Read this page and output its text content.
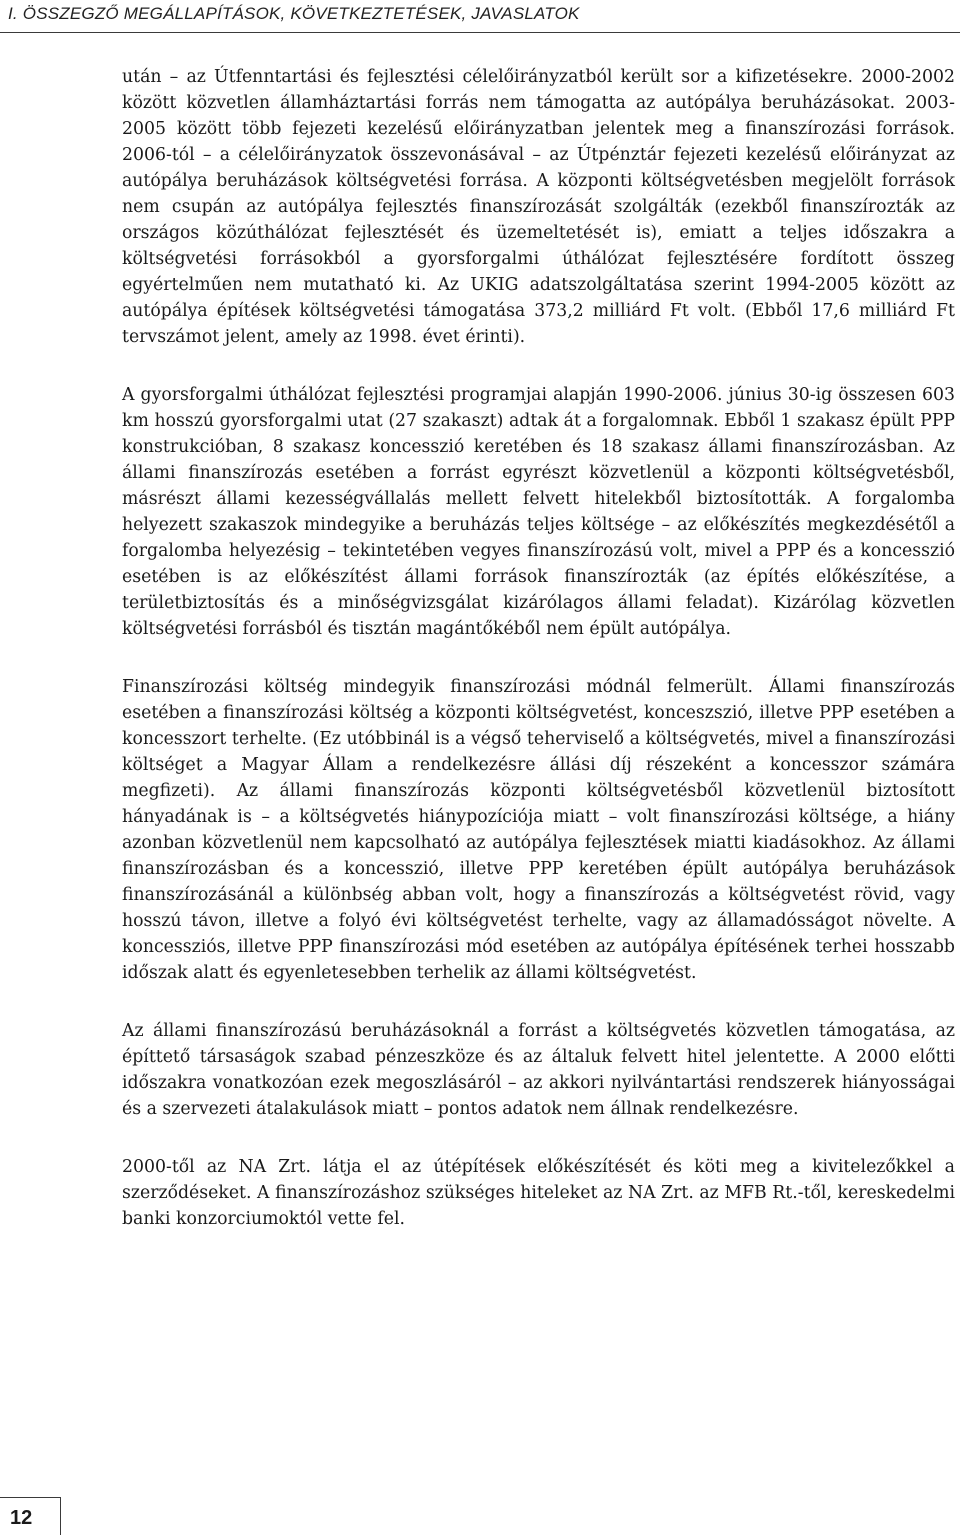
I. ÖSSZEGZŐ MEGÁLLAPÍTÁSOK, KÖVETKEZTETÉSEK, JAVASLATOK

után – az Útfenntartási és fejlesztési célelőirányzatból került sor a kifizetésekre. 2000-2002 között közvetlen államháztartási forrás nem támogatta az autópálya beruházásokat. 2003-2005 között több fejezeti kezelésű előirányzatban jelentek meg a finanszírozási források. 2006-tól – a célelőirányzatok összevonásával – az Útpénztár fejezeti kezelésű előirányzat az autópálya beruházások költségvetési forrása. A központi költségvetésben megjelölt források nem csupán az autópálya fejlesztés finanszírozását szolgálták (ezekből finanszírozták az országos közúthálózat fejlesztését és üzemeltetését is), emiatt a teljes időszakra a költségvetési forrásokból a gyorsforgalmi úthálózat fejlesztésére fordított összeg egyértelműen nem mutatható ki. Az UKIG adatszolgáltatása szerint 1994-2005 között az autópálya építések költségvetési támogatása 373,2 milliárd Ft volt. (Ebből 17,6 milliárd Ft tervszámot jelent, amely az 1998. évet érinti).

A gyorsforgalmi úthálózat fejlesztési programjai alapján 1990-2006. június 30-ig összesen 603 km hosszú gyorsforgalmi utat (27 szakaszt) adtak át a forgalomnak. Ebből 1 szakasz épült PPP konstrukcióban, 8 szakasz koncesszió keretében és 18 szakasz állami finanszírozásban. Az állami finanszírozás esetében a forrást egyrészt közvetlenül a központi költségvetésből, másrészt állami kezességvállalás mellett felvett hitelekből biztosították. A forgalomba helyezett szakaszok mindegyike a beruházás teljes költsége – az előkészítés megkezdésétől a forgalomba helyezésig – tekintetében vegyes finanszírozású volt, mivel a PPP és a koncesszió esetében is az előkészítést állami források finanszírozták (az építés előkészítése, a területbiztosítás és a minőségvizsgálat kizárólagos állami feladat). Kizárólag közvetlen költségvetési forrásból és tisztán magántőkéből nem épült autópálya.

Finanszírozási költség mindegyik finanszírozási módnál felmerült. Állami finanszírozás esetében a finanszírozási költség a központi költségvetést, konceszszió, illetve PPP esetében a koncesszort terhelte. (Ez utóbbinál is a végső teherviselő a költségvetés, mivel a finanszírozási költséget a Magyar Állam a rendelkezésre állási díj részeként a koncesszor számára megfizeti). Az állami finanszírozás központi költségvetésből közvetlenül biztosított hányadának is – a költségvetés hiánypozíciója miatt – volt finanszírozási költsége, a hiány azonban közvetlenül nem kapcsolható az autópálya fejlesztések miatti kiadásokhoz. Az állami finanszírozásban és a koncesszió, illetve PPP keretében épült autópálya beruházások finanszírozásánál a különbség abban volt, hogy a finanszírozás a költségvetést rövid, vagy hosszú távon, illetve a folyó évi költségvetést terhelte, vagy az államadósságot növelte. A koncessziós, illetve PPP finanszírozási mód esetében az autópálya építésének terhei hosszabb időszak alatt és egyenletesebben terhelik az állami költségvetést.

Az állami finanszírozású beruházásoknál a forrást a költségvetés közvetlen támogatása, az építtető társaságok szabad pénzeszköze és az általuk felvett hitel jelentette. A 2000 előtti időszakra vonatkozóan ezek megoszlásáról – az akkori nyilvántartási rendszerek hiányosságai és a szervezeti átalakulások miatt – pontos adatok nem állnak rendelkezésre.

2000-től az NA Zrt. látja el az útépítések előkészítését és köti meg a kivitelezőkkel a szerződéseket. A finanszírozáshoz szükséges hiteleket az NA Zrt. az MFB Rt.-től, kereskedelmi banki konzorciumoktól vette fel.

12
